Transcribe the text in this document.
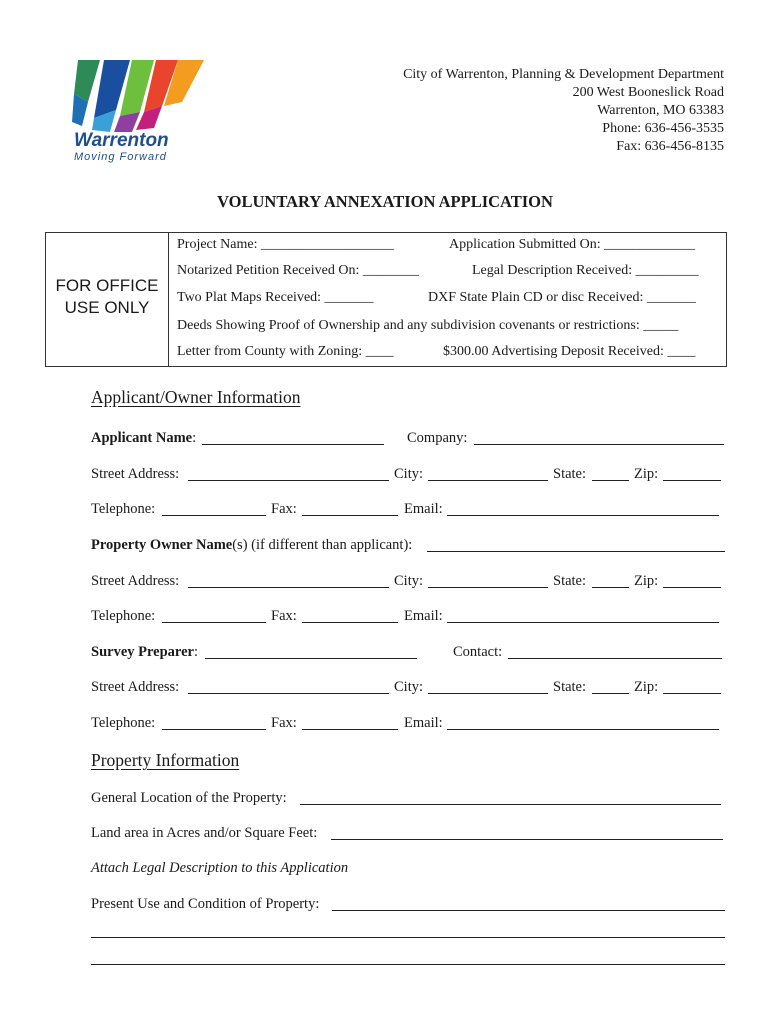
Warrenton
Moving Forward
City of Warrenton, Planning & Development Department
200 West Booneslick Road
Warrenton, MO 63383
Phone: 636-456-3535
Fax: 636-456-8135
VOLUNTARY ANNEXATION APPLICATION
FOR OFFICE
USE ONLY
Project Name: ___________________	Application Submitted On: _____________
Notarized Petition Received On: ________	Legal Description Received: _________
Two Plat Maps Received: _______	DXF State Plain CD or disc Received: _______
Deeds Showing Proof of Ownership and any subdivision covenants or restrictions: _____
Letter from County with Zoning: ____	$300.00 Advertising Deposit Received: ____
Applicant/Owner Information
Applicant Name:	Company:
Street Address:	City:	State:	Zip:
Telephone:	Fax:	Email:
Property Owner Name(s) (if different than applicant):
Street Address:	City:	State:	Zip:
Telephone:	Fax:	Email:
Survey Preparer:	Contact:
Street Address:	City:	State:	Zip:
Telephone:	Fax:	Email:
Property Information
General Location of the Property:
Land area in Acres and/or Square Feet:
Attach Legal Description to this Application
Present Use and Condition of Property:
